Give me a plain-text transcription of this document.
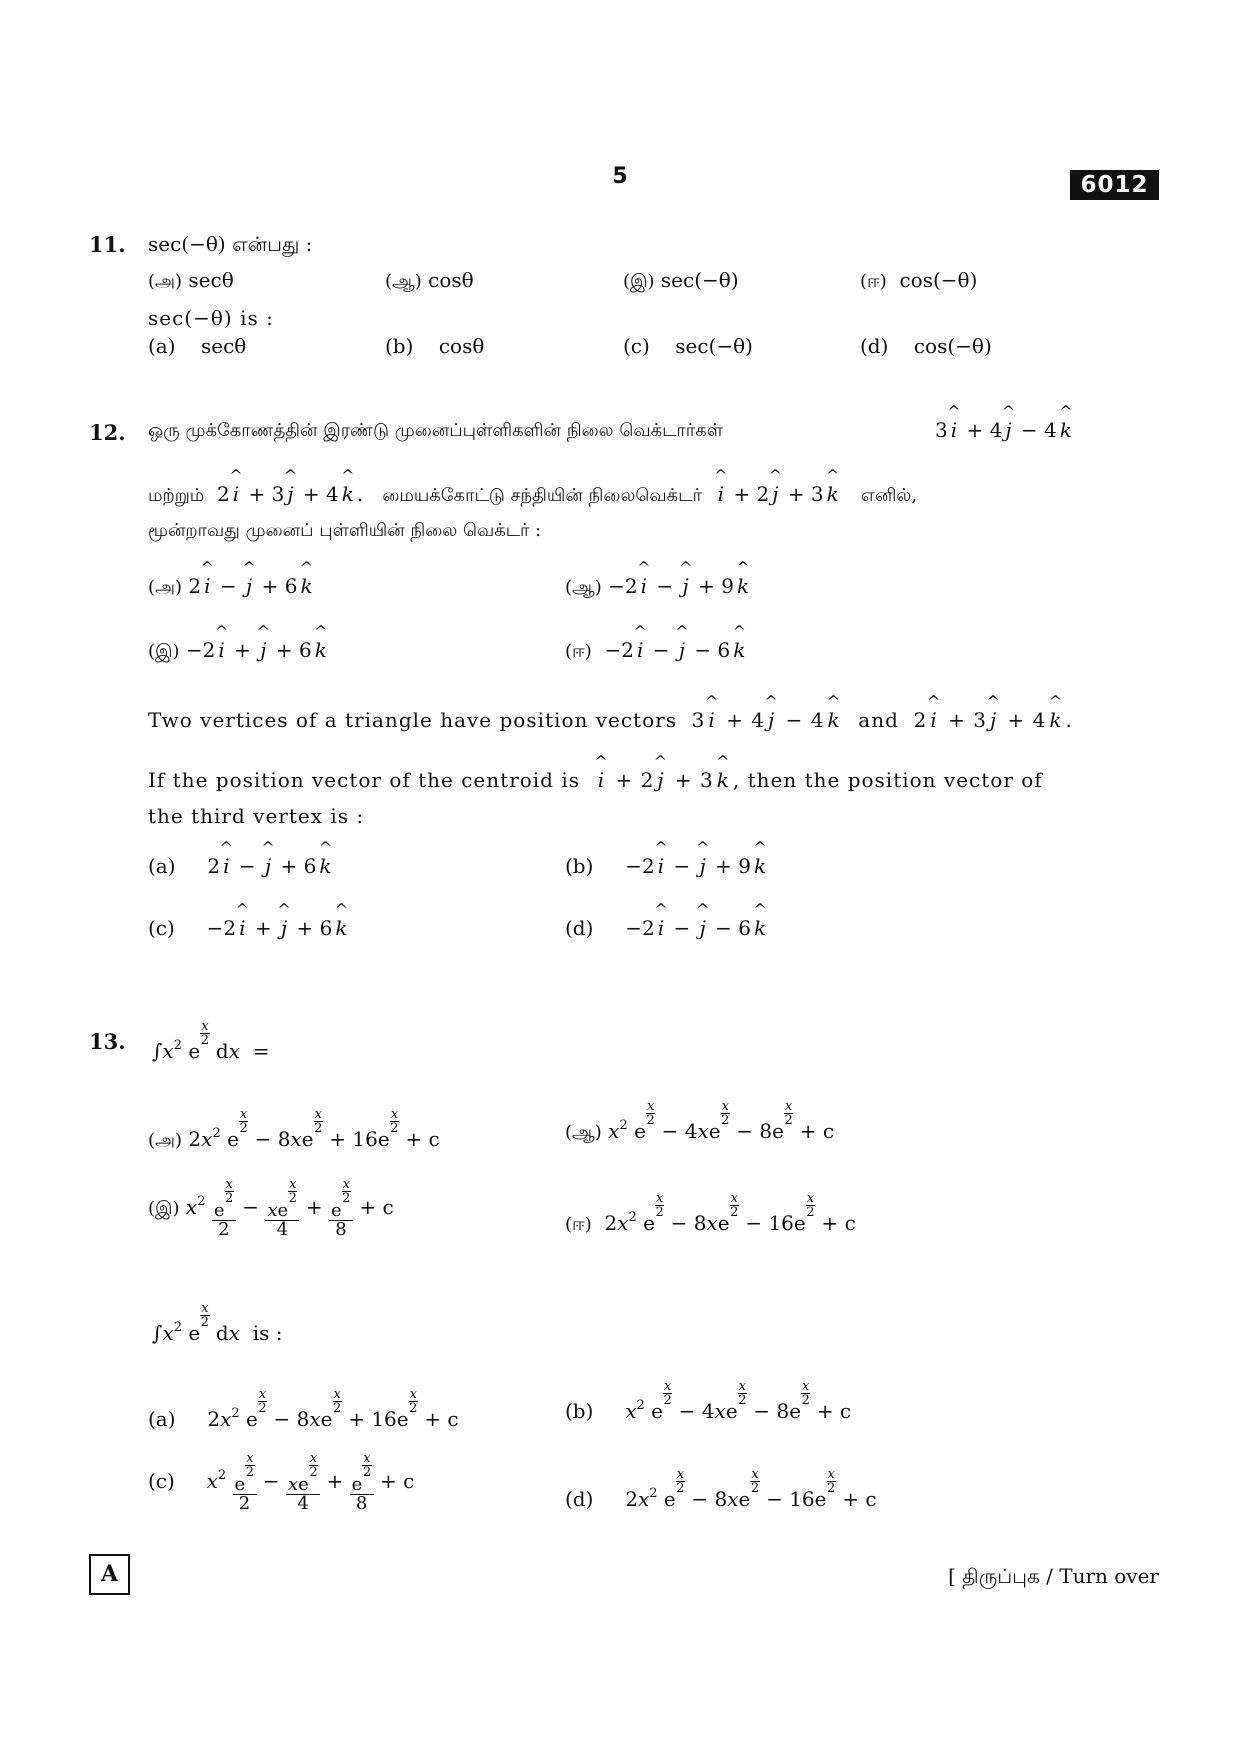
5	6012
11. sec(−θ) என்பது :
(அ) secθ	(ஆ) cosθ	(இ) sec(−θ)	(ஈ) cos(−θ)
sec(−θ) is :
(a) secθ	(b) cosθ	(c) sec(−θ)	(d) cos(−θ)
12. ஒரு முக்கோணத்தின் இரண்டு முனைப்புள்ளிகளின் நிலை வெக்டார்கள்	3 ^ i + 4 ^ j − 4 ^ k
மற்றும்  2 ^ i + 3 ^ j + 4 ^ k .   மையக்கோட்டு சந்தியின் நிலைவெக்டர் ^ i + 2 ^ j + 3 ^ k எனில்,
மூன்றாவது முனைப் புள்ளியின் நிலை வெக்டர் :
(அ) 2 ^ i − ^ j + 6 ^ k	(ஆ) −2 ^ i − ^ j + 9 ^ k
(இ) −2 ^ i + ^ j + 6 ^ k	(ஈ) −2 ^ i − ^ j − 6 ^ k
Two vertices of a triangle have position vectors  3 ^ i + 4 ^ j − 4 ^ k and  2 ^ i + 3 ^ j + 4 ^ k .
If the position vector of the centroid is ^ i + 2 ^ j + 3 ^ k , then the position vector of
the third vertex is :
(a) 2 ^ i − ^ j + 6 ^ k	(b) −2 ^ i − ^ j + 9 ^ k
(c) −2 ^ i + ^ j + 6 ^ k	(d) −2 ^ i − ^ j − 6 ^ k
13. $\int x^2$ e
$\frac{x}{2}$
dx =
(அ) $2x^2$ e
$\frac{x}{2}$
− 8xe
$\frac{x}{2}$
+ 16e
$\frac{x}{2}$
+ c	(ஆ) $x^2$ e
$\frac{x}{2}$
− 4xe
$\frac{x}{2}$
− 8e
$\frac{x}{2}$
+ c
(இ) $x^2$ e
$\frac{x}{2}$
2 − xe
$\frac{x}{2}$
4 + e
$\frac{x}{2}$
8 + c
(ஈ) $2x^2$ e
$\frac{x}{2}$
− 8xe
$\frac{x}{2}$
− 16e
$\frac{x}{2}$
+ c
$\int x^2$ e
$\frac{x}{2}$
dx is :
(a) $2x^2$ e
$\frac{x}{2}$
− 8xe
$\frac{x}{2}$
+ 16e
$\frac{x}{2}$
+ c	(b) $x^2$ e
$\frac{x}{2}$
− 4xe
$\frac{x}{2}$
− 8e
$\frac{x}{2}$
+ c
(c) $x^2$ e
$\frac{x}{2}$
2 − xe
$\frac{x}{2}$
4 + e
$\frac{x}{2}$
8 + c
(d) $2x^2$ e
$\frac{x}{2}$
− 8xe
$\frac{x}{2}$
− 16e
$\frac{x}{2}$
+ c
A	[ திருப்புக / Turn over
